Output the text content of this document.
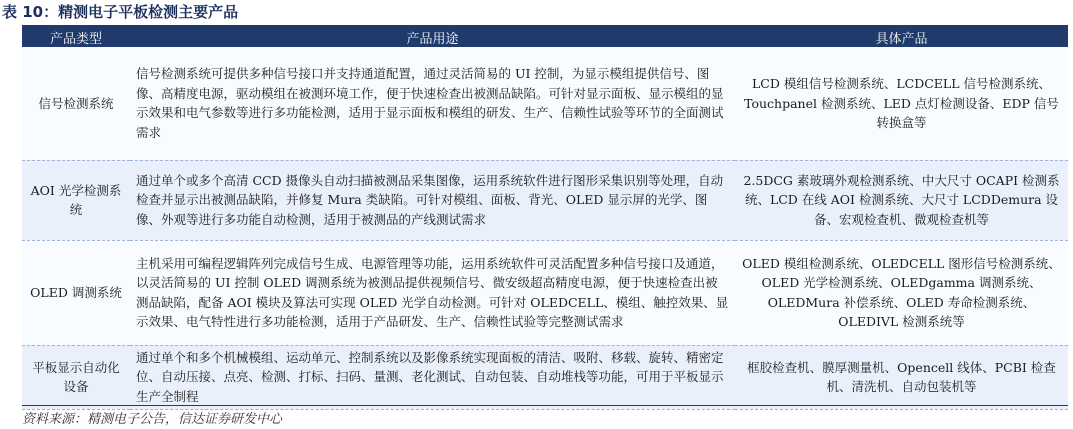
表 10：精测电子平板检测主要产品
产品类型	产品用途	具体产品
信号检测系统	信号检测系统可提供多种信号接口并支持通道配置，通过灵活简易的 UI 控制，为显示模组提供信号、图像、高精度电源，驱动模组在被测环境工作，便于快速检查出被测品缺陷。可针对显示面板、显示模组的显示效果和电气参数等进行多功能检测，适用于显示面板和模组的研发、生产、信赖性试验等环节的全面测试需求	LCD 模组信号检测系统、LCDCELL 信号检测系统、Touchpanel 检测系统、LED 点灯检测设备、EDP 信号转换盒等
AOI 光学检测系统	通过单个或多个高清 CCD 摄像头自动扫描被测品采集图像，运用系统软件进行图形采集识别等处理，自动检查并显示出被测品缺陷，并修复 Mura 类缺陷。可针对模组、面板、背光、OLED 显示屏的光学、图像、外观等进行多功能自动检测，适用于被测品的产线测试需求	2.5DCG 素玻璃外观检测系统、中大尺寸 OCAPI 检测系统、LCD 在线 AOI 检测系统、大尺寸 LCDDemura 设备、宏观检查机、微观检查机等
OLED 调测系统	主机采用可编程逻辑阵列完成信号生成、电源管理等功能，运用系统软件可灵活配置多种信号接口及通道，以灵活简易的 UI 控制 OLED 调测系统为被测品提供视频信号、微安级超高精度电源，便于快速检查出被测品缺陷，配备 AOI 模块及算法可实现 OLED 光学自动检测。可针对 OLEDCELL、模组、触控效果、显示效果、电气特性进行多功能检测，适用于产品研发、生产、信赖性试验等完整测试需求	OLED 模组检测系统、OLEDCELL 图形信号检测系统、OLED 光学检测系统、OLEDgamma 调测系统、OLEDMura 补偿系统、OLED 寿命检测系统、OLEDIVL 检测系统等
平板显示自动化设备	通过单个和多个机械模组、运动单元、控制系统以及影像系统实现面板的清洁、吸附、移载、旋转、精密定位、自动压接、点亮、检测、打标、扫码、量测、老化测试、自动包装、自动堆栈等功能，可用于平板显示生产全制程	框胶检查机、膜厚测量机、Opencell 线体、PCBI 检查机、清洗机、自动包装机等
资料来源：精测电子公告，信达证券研发中心
